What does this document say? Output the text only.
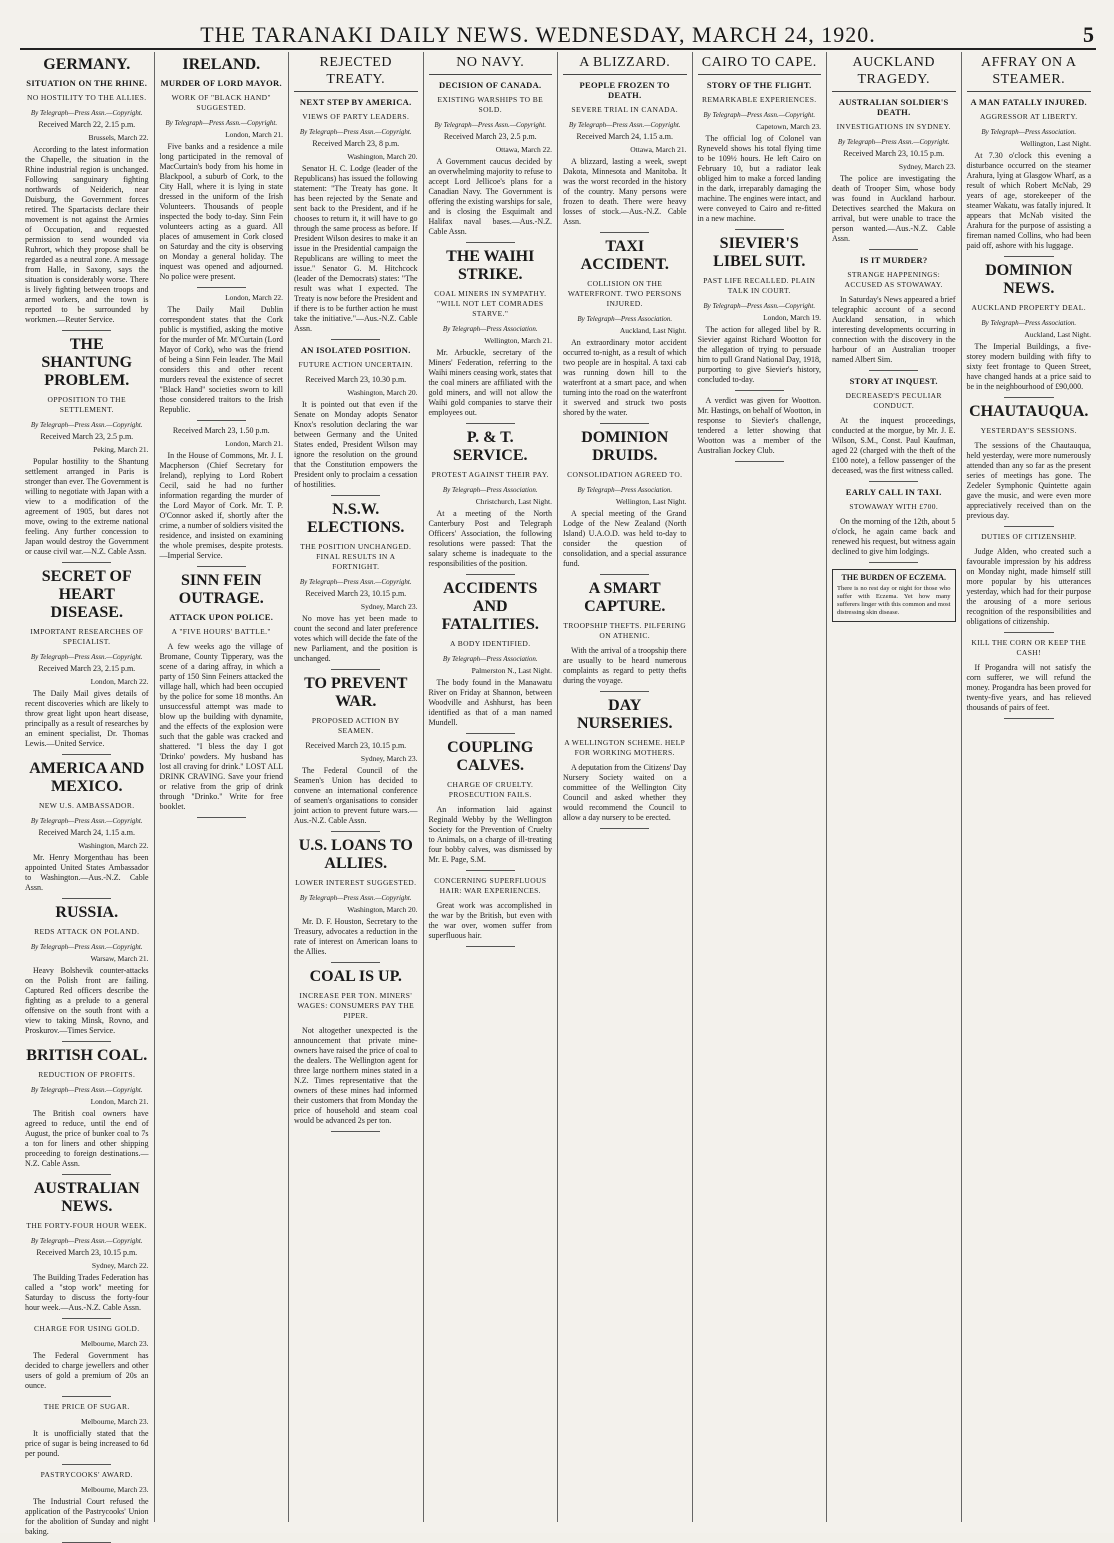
THE TARANAKI DAILY NEWS. WEDNESDAY, MARCH 24, 1920.	5
GERMANY.
SITUATION ON THE RHINE.
NO HOSTILITY TO THE ALLIES.
By Telegraph—Press Assn.—Copyright.
Received March 22, 2.15 p.m.
Brussels, March 22.

According to the latest information the Chapelle, the situation in the Rhine industrial region is unchanged. Following sanguinary fighting northwards of Neiderich, near Duisburg, the Government forces retired. The Spartacists declare their movement is not against the Armies of Occupation, and requested permission to send wounded via Ruhrort, which they propose shall be regarded as a neutral zone. A message from Halle, in Saxony, says the situation is considerably worse. There is lively fighting between troops and armed workers, and the town is reported to be surrounded by workmen.—Reuter Service.

THE SHANTUNG PROBLEM.
OPPOSITION TO THE SETTLEMENT.
By Telegraph—Press Assn.—Copyright.
Received March 23, 2.5 p.m.
Peking, March 21.

Popular hostility to the Shantung settlement arranged in Paris is stronger than ever. The Government is willing to negotiate with Japan with a view to a modification of the agreement of 1905, but dares not move, owing to the extreme national feeling. Any further concession to Japan would destroy the Government or cause civil war.—N.Z. Cable Assn.

SECRET OF HEART DISEASE.
IMPORTANT RESEARCHES OF SPECIALIST.
By Telegraph—Press Assn.—Copyright.
Received March 23, 2.15 p.m.
London, March 22.

The Daily Mail gives details of recent discoveries which are likely to throw great light upon heart disease, principally as a result of researches by an eminent specialist, Dr. Thomas Lewis.—United Service.

AMERICA AND MEXICO.
NEW U.S. AMBASSADOR.
By Telegraph—Press Assn.—Copyright.
Received March 24, 1.15 a.m.
Washington, March 22.

Mr. Henry Morgenthau has been appointed United States Ambassador to Washington.—Aus.-N.Z. Cable Assn.

RUSSIA.
REDS ATTACK ON POLAND.
By Telegraph—Press Assn.—Copyright.
Warsaw, March 21.

Heavy Bolshevik counter-attacks on the Polish front are failing. Captured Red officers describe the fighting as a prelude to a general offensive on the south front with a view to taking Minsk, Rovno, and Proskurov.—Times Service.

BRITISH COAL.
REDUCTION OF PROFITS.
By Telegraph—Press Assn.—Copyright.
London, March 21.

The British coal owners have agreed to reduce, until the end of August, the price of bunker coal to 7s a ton for liners and other shipping proceeding to foreign destinations.—N.Z. Cable Assn.

AUSTRALIAN NEWS.
THE FORTY-FOUR HOUR WEEK.
By Telegraph—Press Assn.—Copyright.
Received March 23, 10.15 p.m.
Sydney, March 22.

The Building Trades Federation has called a "stop work" meeting for Saturday to discuss the forty-four hour week.—Aus.-N.Z. Cable Assn.

CHARGE FOR USING GOLD.
Melbourne, March 23.

The Federal Government has decided to charge jewellers and other users of gold a premium of 20s an ounce.

THE PRICE OF SUGAR.
Melbourne, March 23.

It is unofficially stated that the price of sugar is being increased to 6d per pound.

PASTRYCOOKS' AWARD.
Melbourne, March 23.

The Industrial Court refused the application of the Pastrycooks' Union for the abolition of Sunday and night baking.

IRELAND.
MURDER OF LORD MAYOR.
WORK OF "BLACK HAND" SUGGESTED.
By Telegraph—Press Assn.—Copyright.
London, March 21.

Five banks and a residence a mile long participated in the removal of MacCurtain's body from his home in Blackpool, a suburb of Cork, to the City Hall, where it is lying in state dressed in the uniform of the Irish Volunteers. Thousands of people inspected the body to-day. Sinn Fein volunteers acting as a guard. All places of amusement in Cork closed on Saturday and the city is observing on Monday a general holiday. The inquest was opened and adjourned. No police were present.

London, March 22.

The Daily Mail Dublin correspondent states that the Cork public is mystified, asking the motive for the murder of Mr. M'Curtain (Lord Mayor of Cork), who was the friend of being a Sinn Fein leader. The Mail considers this and other recent murders reveal the existence of secret "Black Hand" societies sworn to kill those considered traitors to the Irish Republic.

Received March 23, 1.50 p.m.
London, March 21.

In the House of Commons, Mr. J. I. Macpherson (Chief Secretary for Ireland), replying to Lord Robert Cecil, said he had no further information regarding the murder of the Lord Mayor of Cork. Mr. T. P. O'Connor asked if, shortly after the crime, a number of soldiers visited the residence, and insisted on examining the whole premises, despite protests.—Imperial Service.

SINN FEIN OUTRAGE.
ATTACK UPON POLICE.
A "FIVE HOURS' BATTLE."

A few weeks ago the village of Bromane, County Tipperary, was the scene of a daring affray, in which a party of 150 Sinn Feiners attacked the village hall, which had been occupied by the police for some 18 months. An unsuccessful attempt was made to blow up the building with dynamite, and the effects of the explosion were such that the gable was cracked and shattered. "I bless the day I got 'Drinko' powders. My husband has lost all craving for drink." LOST ALL DRINK CRAVING. Save your friend or relative from the grip of drink through "Drinko." Write for free booklet.

REJECTED TREATY.
NEXT STEP BY AMERICA.
VIEWS OF PARTY LEADERS.
By Telegraph—Press Assn.—Copyright.
Received March 23, 8 p.m.
Washington, March 20.

Senator H. C. Lodge (leader of the Republicans) has issued the following statement: "The Treaty has gone. It has been rejected by the Senate and sent back to the President, and if he chooses to return it, it will have to go through the same process as before. If President Wilson desires to make it an issue in the Presidential campaign the Republicans are willing to meet the issue." Senator G. M. Hitchcock (leader of the Democrats) states: "The result was what I expected. The Treaty is now before the President and if there is to be further action he must take the initiative."—Aus.-N.Z. Cable Assn.

AN ISOLATED POSITION.
FUTURE ACTION UNCERTAIN.
Received March 23, 10.30 p.m.
Washington, March 20.

It is pointed out that even if the Senate on Monday adopts Senator Knox's resolution declaring the war between Germany and the United States ended, President Wilson may ignore the resolution on the ground that the Constitution empowers the President only to proclaim a cessation of hostilities.

N.S.W. ELECTIONS.
THE POSITION UNCHANGED. FINAL RESULTS IN A FORTNIGHT.
By Telegraph—Press Assn.—Copyright.
Received March 23, 10.15 p.m.
Sydney, March 23.

No move has yet been made to count the second and later preference votes which will decide the fate of the new Parliament, and the position is unchanged.

TO PREVENT WAR.
PROPOSED ACTION BY SEAMEN.
Received March 23, 10.15 p.m.
Sydney, March 23.

The Federal Council of the Seamen's Union has decided to convene an international conference of seamen's organisations to consider joint action to prevent future wars.—Aus.-N.Z. Cable Assn.

U.S. LOANS TO ALLIES.
LOWER INTEREST SUGGESTED.
By Telegraph—Press Assn.—Copyright.
Washington, March 20.

Mr. D. F. Houston, Secretary to the Treasury, advocates a reduction in the rate of interest on American loans to the Allies.

COAL IS UP.
INCREASE PER TON. MINERS' WAGES: CONSUMERS PAY THE PIPER.

Not altogether unexpected is the announcement that private mine-owners have raised the price of coal to the dealers. The Wellington agent for three large northern mines stated in a N.Z. Times representative that the owners of these mines had informed their customers that from Monday the price of household and steam coal would be advanced 2s per ton.

NO NAVY.
DECISION OF CANADA.
EXISTING WARSHIPS TO BE SOLD.
By Telegraph—Press Assn.—Copyright.
Received March 23, 2.5 p.m.
Ottawa, March 22.

A Government caucus decided by an overwhelming majority to refuse to accept Lord Jellicoe's plans for a Canadian Navy. The Government is offering the existing warships for sale, and is closing the Esquimalt and Halifax naval bases.—Aus.-N.Z. Cable Assn.

THE WAIHI STRIKE.
COAL MINERS IN SYMPATHY. "WILL NOT LET COMRADES STARVE."
By Telegraph—Press Association.
Wellington, March 21.

Mr. Arbuckle, secretary of the Miners' Federation, referring to the Waihi miners ceasing work, states that the coal miners are affiliated with the gold miners, and will not allow the Waihi gold companies to starve their employees out.

P. & T. SERVICE.
PROTEST AGAINST THEIR PAY.
By Telegraph—Press Association.
Christchurch, Last Night.

At a meeting of the North Canterbury Post and Telegraph Officers' Association, the following resolutions were passed: That the salary scheme is inadequate to the responsibilities of the position.

ACCIDENTS AND FATALITIES.
A BODY IDENTIFIED.
By Telegraph—Press Association.
Palmerston N., Last Night.

The body found in the Manawatu River on Friday at Shannon, between Woodville and Ashhurst, has been identified as that of a man named Mundell.

COUPLING CALVES.
CHARGE OF CRUELTY. PROSECUTION FAILS.

An information laid against Reginald Webby by the Wellington Society for the Prevention of Cruelty to Animals, on a charge of ill-treating four bobby calves, was dismissed by Mr. E. Page, S.M.

CONCERNING SUPERFLUOUS HAIR: WAR EXPERIENCES.

Great work was accomplished in the war by the British, but even with the war over, women suffer from superfluous hair.

A BLIZZARD.
PEOPLE FROZEN TO DEATH.
SEVERE TRIAL IN CANADA.
By Telegraph—Press Assn.—Copyright.
Received March 24, 1.15 a.m.
Ottawa, March 21.

A blizzard, lasting a week, swept Dakota, Minnesota and Manitoba. It was the worst recorded in the history of the country. Many persons were frozen to death. There were heavy losses of stock.—Aus.-N.Z. Cable Assn.

TAXI ACCIDENT.
COLLISION ON THE WATERFRONT. TWO PERSONS INJURED.
By Telegraph—Press Association.
Auckland, Last Night.

An extraordinary motor accident occurred to-night, as a result of which two people are in hospital. A taxi cab was running down hill to the waterfront at a smart pace, and when turning into the road on the waterfront it swerved and struck two posts shored by the water.

DOMINION DRUIDS.
CONSOLIDATION AGREED TO.
By Telegraph—Press Association.
Wellington, Last Night.

A special meeting of the Grand Lodge of the New Zealand (North Island) U.A.O.D. was held to-day to consider the question of consolidation, and a special assurance fund.

A SMART CAPTURE.
TROOPSHIP THEFTS. PILFERING ON ATHENIC.

With the arrival of a troopship there are usually to be heard numerous complaints as regard to petty thefts during the voyage.

DAY NURSERIES.
A WELLINGTON SCHEME. HELP FOR WORKING MOTHERS.

A deputation from the Citizens' Day Nursery Society waited on a committee of the Wellington City Council and asked whether they would recommend the Council to allow a day nursery to be erected.

CAIRO TO CAPE.
STORY OF THE FLIGHT.
REMARKABLE EXPERIENCES.
By Telegraph—Press Assn.—Copyright.
Capetown, March 23.

The official log of Colonel van Ryneveld shows his total flying time to be 109½ hours. He left Cairo on February 10, but a radiator leak obliged him to make a forced landing in the dark, irreparably damaging the machine. The engines were intact, and were conveyed to Cairo and re-fitted in a new machine.

SIEVIER'S LIBEL SUIT.
PAST LIFE RECALLED. PLAIN TALK IN COURT.
By Telegraph—Press Assn.—Copyright.
London, March 19.

The action for alleged libel by R. Sievier against Richard Wootton for the allegation of trying to persuade him to pull Grand National Day, 1918, purporting to give Sievier's history, concluded to-day.

A verdict was given for Wootton. Mr. Hastings, on behalf of Wootton, in response to Sievier's challenge, tendered a letter showing that Wootton was a member of the Australian Jockey Club.

AUCKLAND TRAGEDY.
AUSTRALIAN SOLDIER'S DEATH.
INVESTIGATIONS IN SYDNEY.
By Telegraph—Press Assn.—Copyright.
Received March 23, 10.15 p.m.
Sydney, March 23.

The police are investigating the death of Trooper Sim, whose body was found in Auckland harbour. Detectives searched the Makura on arrival, but were unable to trace the person wanted.—Aus.-N.Z. Cable Assn.

IS IT MURDER?
STRANGE HAPPENINGS: ACCUSED AS STOWAWAY.

In Saturday's News appeared a brief telegraphic account of a second Auckland sensation, in which interesting developments occurring in connection with the discovery in the harbour of an Australian trooper named Albert Sim.

STORY AT INQUEST.
DECREASED'S PECULIAR CONDUCT.

At the inquest proceedings, conducted at the morgue, by Mr. J. E. Wilson, S.M., Const. Paul Kaufman, aged 22 (charged with the theft of the £100 note), a fellow passenger of the deceased, was the first witness called.

EARLY CALL IN TAXI.
STOWAWAY WITH £700.

On the morning of the 12th, about 5 o'clock, he again came back and renewed his request, but witness again declined to give him lodgings.

THE BURDEN OF ECZEMA.
There is no rest day or night for those who suffer with Eczema. Yet how many sufferers linger with this common and most distressing skin disease.
AFFRAY ON A STEAMER.
A MAN FATALLY INJURED.
AGGRESSOR AT LIBERTY.
By Telegraph—Press Association.
Wellington, Last Night.

At 7.30 o'clock this evening a disturbance occurred on the steamer Arahura, lying at Glasgow Wharf, as a result of which Robert McNab, 29 years of age, storekeeper of the steamer Wakatu, was fatally injured. It appears that McNab visited the Arahura for the purpose of assisting a fireman named Collins, who had been paid off, ashore with his luggage.

DOMINION NEWS.
AUCKLAND PROPERTY DEAL.
By Telegraph—Press Association.
Auckland, Last Night.

The Imperial Buildings, a five-storey modern building with fifty to sixty feet frontage to Queen Street, have changed hands at a price said to be in the neighbourhood of £90,000.

CHAUTAUQUA.
YESTERDAY'S SESSIONS.

The sessions of the Chautauqua, held yesterday, were more numerously attended than any so far as the present series of meetings has gone. The Zedeler Symphonic Quintette again gave the music, and were even more appreciatively received than on the previous day.

DUTIES OF CITIZENSHIP.

Judge Alden, who created such a favourable impression by his address on Monday night, made himself still more popular by his utterances yesterday, which had for their purpose the arousing of a more serious recognition of the responsibilities and obligations of citizenship.

KILL THE CORN OR KEEP THE CASH!

If Progandra will not satisfy the corn sufferer, we will refund the money. Progandra has been proved for twenty-five years, and has relieved thousands of pairs of feet.
